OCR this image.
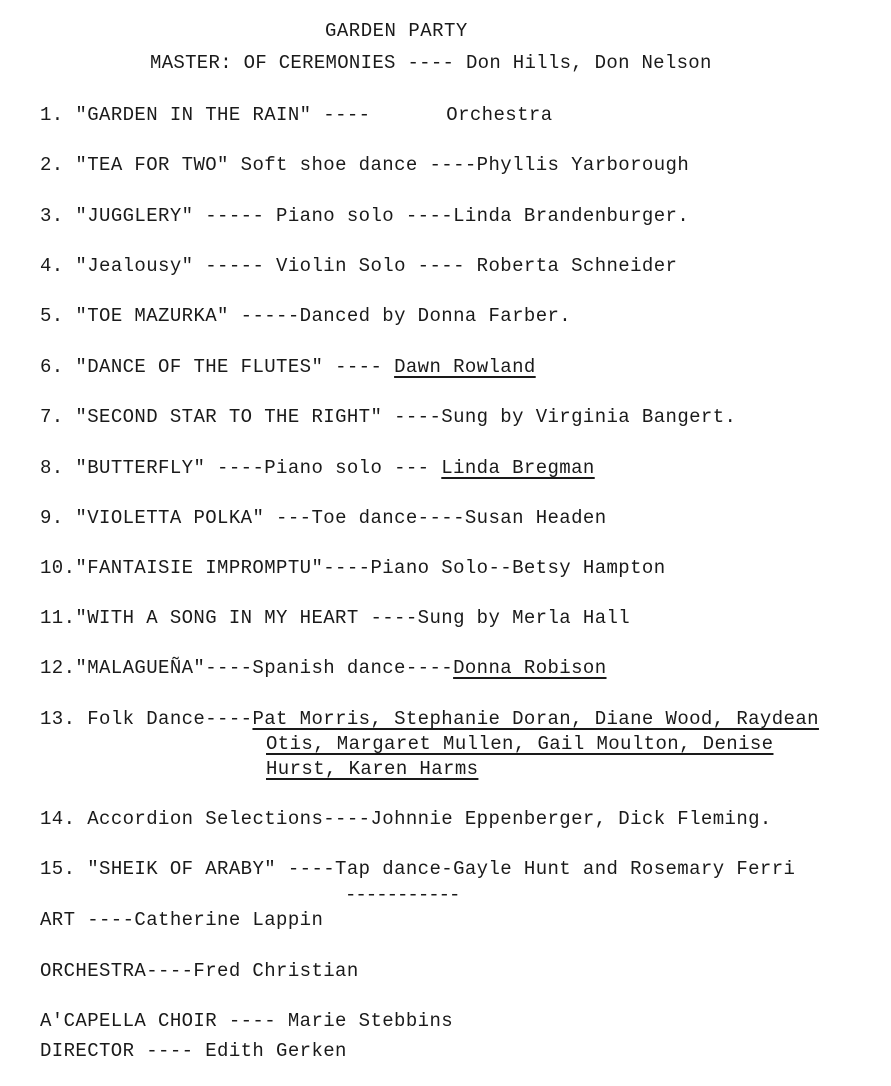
GARDEN PARTY
MASTER: OF CEREMONIES ---- Don Hills, Don Nelson
1. "GARDEN IN THE RAIN" ----	Orchestra
2. "TEA FOR TWO" Soft shoe dance ----Phyllis Yarborough
3. "JUGGLERY" ----- Piano solo ----Linda Brandenburger.
4. "Jealousy" ----- Violin Solo ---- Roberta Schneider
5. "TOE MAZURKA" -----Danced by Donna Farber.
6. "DANCE OF THE FLUTES" ---- Dawn Rowland
7. "SECOND STAR TO THE RIGHT" ----Sung by Virginia Bangert.
8. "BUTTERFLY" ----Piano solo --- Linda Bregman
9. "VIOLETTA POLKA" ---Toe dance----Susan Headen
10."FANTAISIE IMPROMPTU"----Piano Solo--Betsy Hampton
11."WITH A SONG IN MY HEART ----Sung by Merla Hall
12."MALAGUEÑA"----Spanish dance----Donna Robison
13. Folk Dance----Pat Morris, Stephanie Doran, Diane Wood, Raydean
Otis, Margaret Mullen, Gail Moulton, Denise
Hurst, Karen Harms
14. Accordion Selections----Johnnie Eppenberger, Dick Fleming.
15. "SHEIK OF ARABY" ----Tap dance-Gayle Hunt and Rosemary Ferri
-----------
ART ----Catherine Lappin
ORCHESTRA----Fred Christian
A'CAPELLA CHOIR ---- Marie Stebbins
DIRECTOR ---- Edith Gerken
